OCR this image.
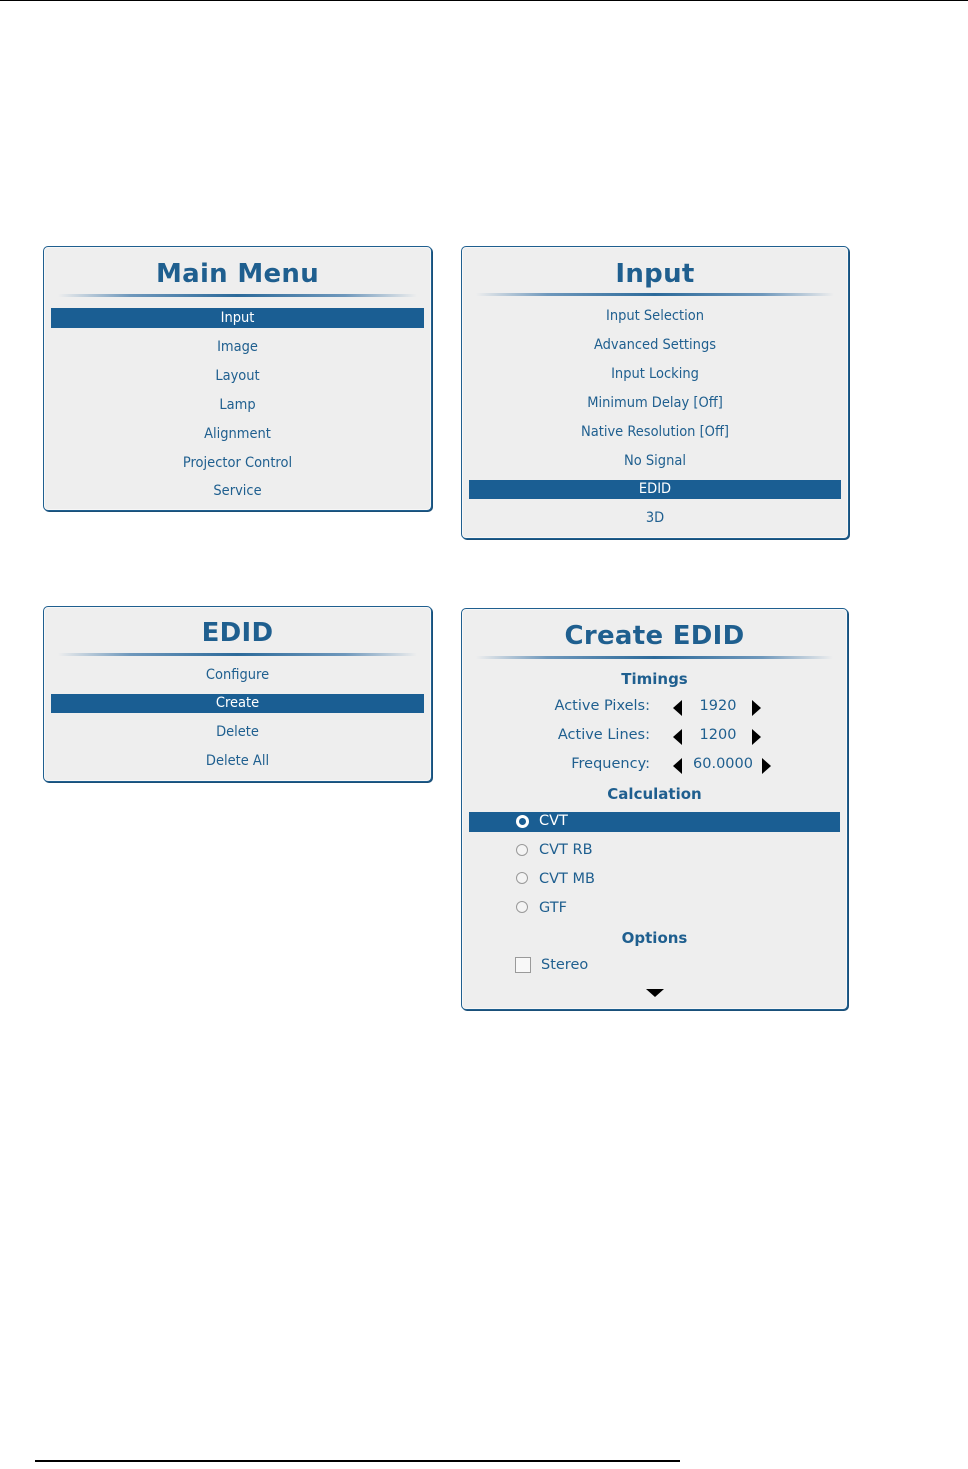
Main Menu
Input
Image
Layout
Lamp
Alignment
Projector Control
Service
Input
Input Selection
Advanced Settings
Input Locking
Minimum Delay [Off]
Native Resolution [Off]
No Signal
EDID
3D
EDID
Configure
Create
Delete
Delete All
Create EDID
Timings
Active Pixels:	1920
Active Lines:	1200
Frequency:	60.0000
Calculation
CVT
CVT RB
CVT MB
GTF
Options
Stereo
